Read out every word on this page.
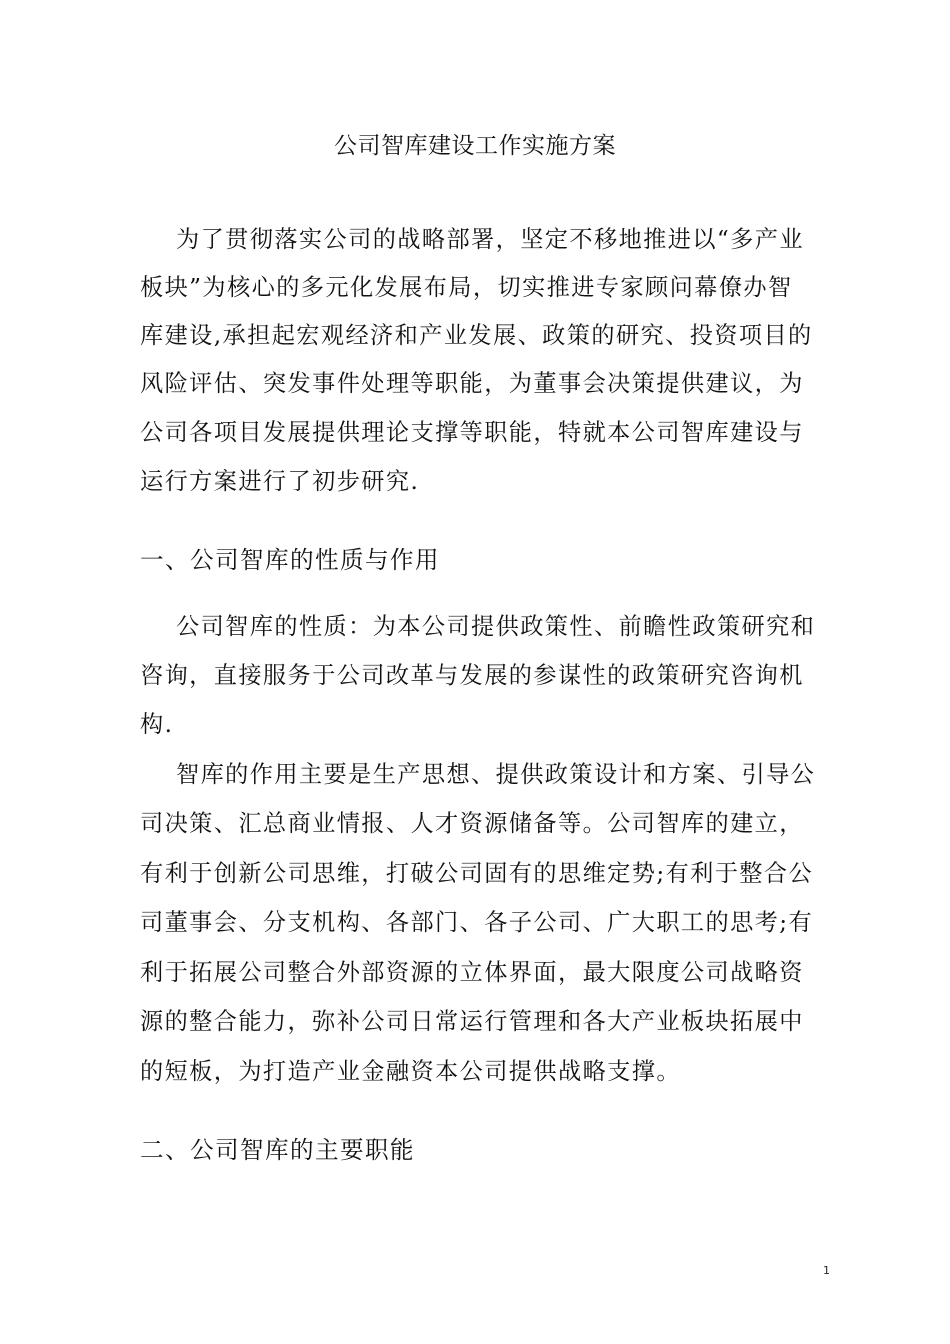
公司智库建设工作实施方案

为了贯彻落实公司的战略部署，坚定不移地推进以“多产业

板块”为核心的多元化发展布局，切实推进专家顾问幕僚办智

库建设,承担起宏观经济和产业发展、政策的研究、投资项目的

风险评估、突发事件处理等职能，为董事会决策提供建议，为

公司各项目发展提供理论支撑等职能，特就本公司智库建设与

运行方案进行了初步研究.

一、公司智库的性质与作用

公司智库的性质：为本公司提供政策性、前瞻性政策研究和

咨询，直接服务于公司改革与发展的参谋性的政策研究咨询机

构.

智库的作用主要是生产思想、提供政策设计和方案、引导公

司决策、汇总商业情报、人才资源储备等。公司智库的建立，

有利于创新公司思维，打破公司固有的思维定势;有利于整合公

司董事会、分支机构、各部门、各子公司、广大职工的思考;有

利于拓展公司整合外部资源的立体界面，最大限度公司战略资

源的整合能力，弥补公司日常运行管理和各大产业板块拓展中

的短板，为打造产业金融资本公司提供战略支撑。

二、公司智库的主要职能
1
